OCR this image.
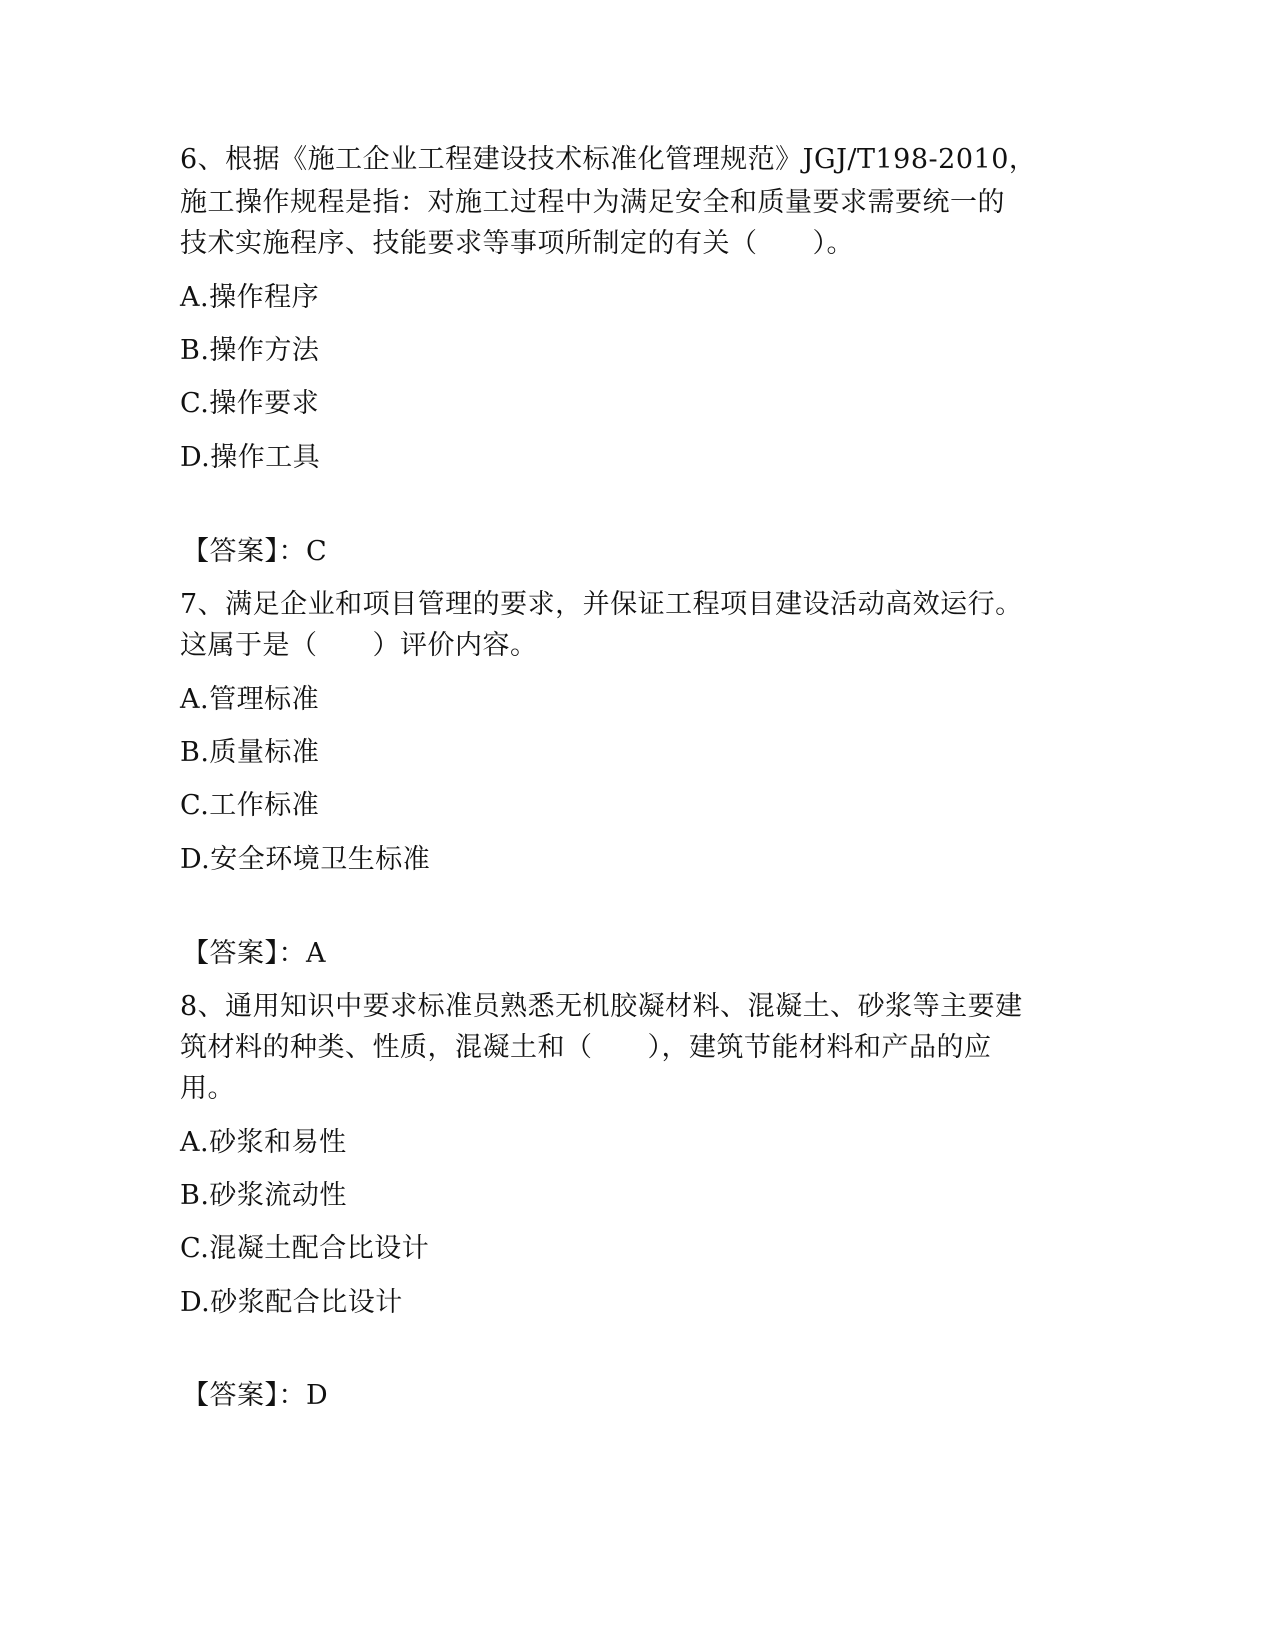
6、根据《施工企业工程建设技术标准化管理规范》JGJ/T198-2010，
施工操作规程是指：对施工过程中为满足安全和质量要求需要统一的
技术实施程序、技能要求等事项所制定的有关（　　）。
A.操作程序
B.操作方法
C.操作要求
D.操作工具
【答案】：C
7、满足企业和项目管理的要求，并保证工程项目建设活动高效运行。
这属于是（　　）评价内容。
A.管理标准
B.质量标准
C.工作标准
D.安全环境卫生标准
【答案】：A
8、通用知识中要求标准员熟悉无机胶凝材料、混凝土、砂浆等主要建
筑材料的种类、性质，混凝土和（　　），建筑节能材料和产品的应
用。
A.砂浆和易性
B.砂浆流动性
C.混凝土配合比设计
D.砂浆配合比设计
【答案】：D
